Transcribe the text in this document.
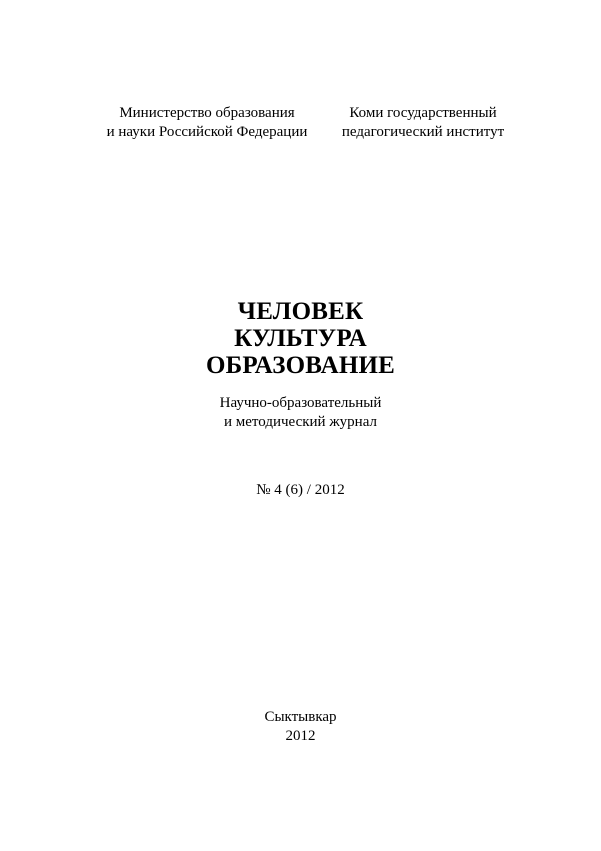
Министерство образования
и науки Российской Федерации
Коми государственный
педагогический институт
ЧЕЛОВЕК
КУЛЬТУРА
ОБРАЗОВАНИЕ
Научно-образовательный
и методический журнал
№ 4 (6) / 2012
Сыктывкар
2012
